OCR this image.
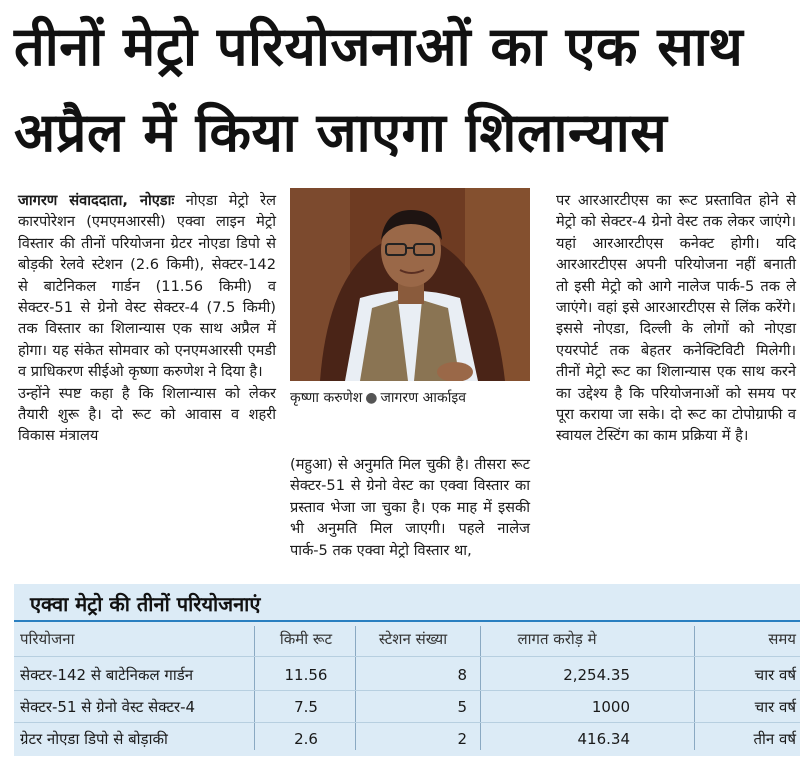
तीनों मेट्रो परियोजनाओं का एक साथ
अप्रैल में किया जाएगा शिलान्यास

जागरण संवाददाता, नोएडाः नोएडा मेट्रो रेल कारपोरेशन (एमएमआरसी) एक्वा लाइन मेट्रो विस्तार की तीनों परियोजना ग्रेटर नोएडा डिपो से बोड़की रेलवे स्टेशन (2.6 किमी), सेक्टर-142 से बाटेनिकल गार्डन (11.56 किमी) व सेक्टर-51 से ग्रेनो वेस्ट सेक्टर-4 (7.5 किमी) तक विस्तार का शिलान्यास एक साथ अप्रैल में होगा। यह संकेत सोमवार को एनएमआरसी एमडी व प्राधिकरण सीईओ कृष्णा करुणेश ने दिया है।

उन्होंने स्पष्ट कहा है कि शिलान्यास को लेकर तैयारी शुरू है। दो रूट को आवास व शहरी विकास मंत्रालय

कृष्णा करुणेश ● जागरण आर्काइव

(महुआ) से अनुमति मिल चुकी है। तीसरा रूट सेक्टर-51 से ग्रेनो वेस्ट का एक्वा विस्तार का प्रस्ताव भेजा जा चुका है। एक माह में इसकी भी अनुमति मिल जाएगी। पहले नालेज पार्क-5 तक एक्वा मेट्रो विस्तार था,

पर आरआरटीएस का रूट प्रस्तावित होने से मेट्रो को सेक्टर-4 ग्रेनो वेस्ट तक लेकर जाएंगे। यहां आरआरटीएस कनेक्ट होगी। यदि आरआरटीएस अपनी परियोजना नहीं बनाती तो इसी मेट्रो को आगे नालेज पार्क-5 तक ले जाएंगे। वहां इसे आरआरटीएस से लिंक करेंगे। इससे नोएडा, दिल्ली के लोगों को नोएडा एयरपोर्ट तक बेहतर कनेक्टिविटी मिलेगी। तीनों मेट्रो रूट का शिलान्यास एक साथ करने का उद्देश्य है कि परियोजनाओं को समय पर पूरा कराया जा सके। दो रूट का टोपोग्राफी व स्वायल टेस्टिंग का काम प्रक्रिया में है।

एक्वा मेट्रो की तीनों परियोजनाएं
परियोजना	किमी रूट	स्टेशन संख्या	लागत करोड़ मे	समय
सेक्टर-142 से बाटेनिकल गार्डन	11.56	8	2,254.35	चार वर्ष
सेक्टर-51 से ग्रेनो वेस्ट सेक्टर-4	7.5	5	1000	चार वर्ष
ग्रेटर नोएडा डिपो से बोड़ाकी	2.6	2	416.34	तीन वर्ष
